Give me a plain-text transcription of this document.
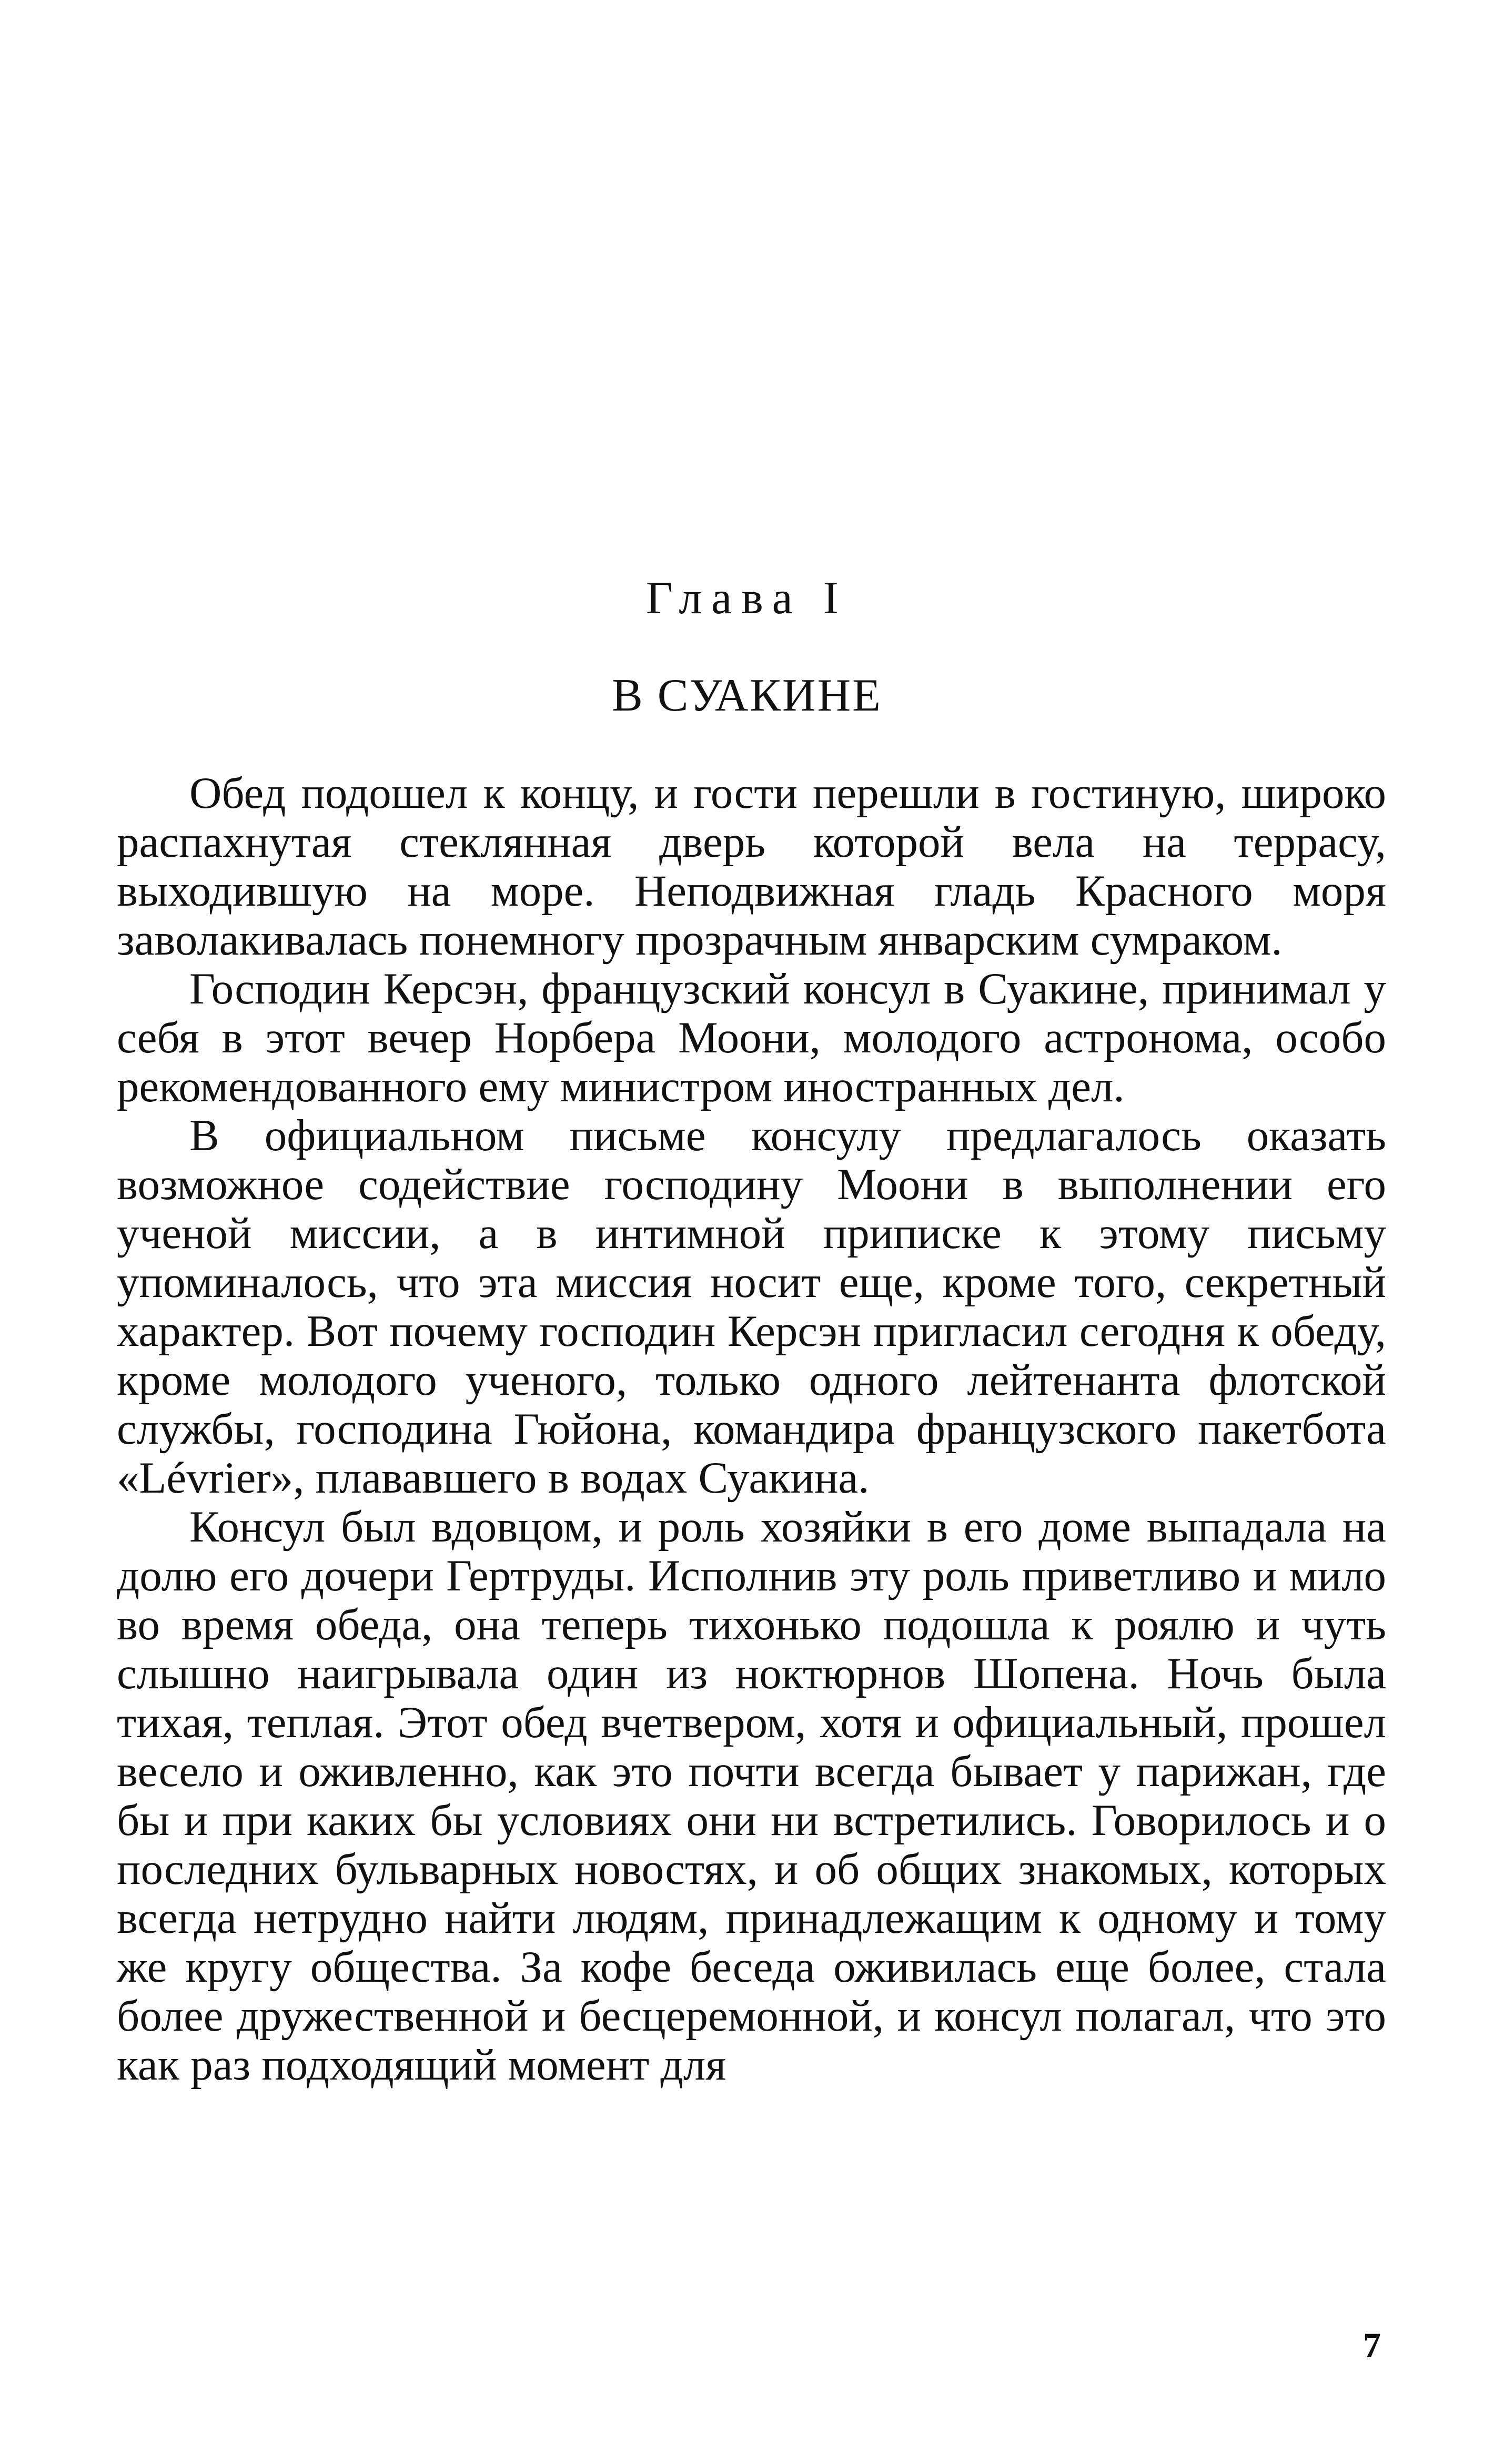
Глава I
В СУАКИНЕ

Обед подошел к концу, и гости перешли в гостиную, широко распахнутая стеклянная дверь которой вела на террасу, выходившую на море. Неподвижная гладь Красного моря заволакивалась понемногу прозрачным январским сумраком.

Господин Керсэн, французский консул в Суакине, принимал у себя в этот вечер Норбера Моони, молодого астронома, особо рекомендованного ему министром иностранных дел.

В официальном письме консулу предлагалось оказать возможное содействие господину Моони в выполнении его ученой миссии, а в интимной приписке к этому письму упоминалось, что эта миссия носит еще, кроме того, секретный характер. Вот почему господин Керсэн пригласил сегодня к обеду, кроме молодого ученого, только одного лейтенанта флотской службы, господина Гюйона, командира французского пакетбота «Lévrier», плававшего в водах Суакина.

Консул был вдовцом, и роль хозяйки в его доме выпадала на долю его дочери Гертруды. Исполнив эту роль приветливо и мило во время обеда, она теперь тихонько подошла к роялю и чуть слышно наигрывала один из ноктюрнов Шопена. Ночь была тихая, теплая. Этот обед вчетвером, хотя и официальный, прошел весело и оживленно, как это почти всегда бывает у парижан, где бы и при каких бы условиях они ни встретились. Говорилось и о последних бульварных новостях, и об общих знакомых, которых всегда нетрудно найти людям, принадлежащим к одному и тому же кругу общества. За кофе беседа оживилась еще более, стала более дружественной и бесцеремонной, и консул полагал, что это как раз подходящий момент для

7
